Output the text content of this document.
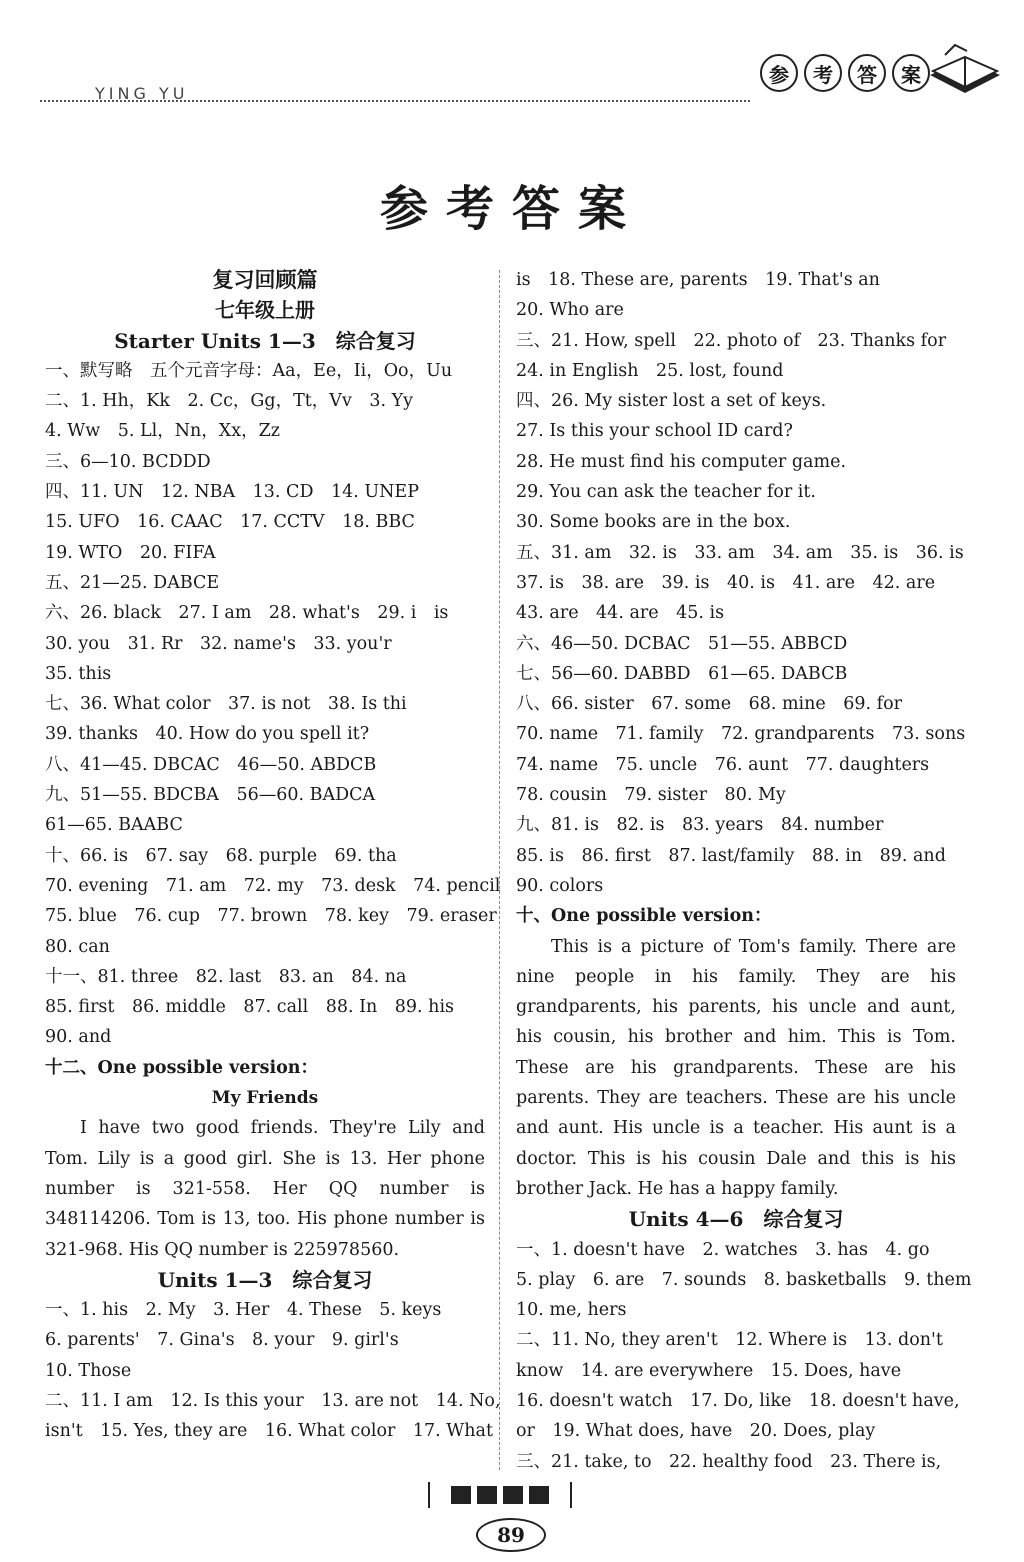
YING YU
参	考	答	案
参考答案
复习回顾篇
七年级上册
Starter Units 1—3　综合复习
一、默写略　五个元音字母：Aa，Ee，Ii，Oo，Uu
二、1. Hh，Kk　2. Cc，Gg，Tt，Vv　3. Yy
4. Ww　5. Ll，Nn，Xx，Zz
三、6—10. BCDDD
四、11. UN　12. NBA　13. CD　14. UNEP
15. UFO　16. CAAC　17. CCTV　18. BBC
19. WTO　20. FIFA
五、21—25. DABCE
六、26. black　27. I am　28. what's　29. i　is
30. you　31. Rr　32. name's　33. you'r
35. this
七、36. What color　37. is not　38. Is thi
39. thanks　40. How do you spell it?
八、41—45. DBCAC　46—50. ABDCB
九、51—55. BDCBA　56—60. BADCA
61—65. BAABC
十、66. is　67. say　68. purple　69. tha
70. evening　71. am　72. my　73. desk　74. pencil
75. blue　76. cup　77. brown　78. key　79. eraser
80. can
十一、81. three　82. last　83. an　84. na
85. first　86. middle　87. call　88. In　89. his
90. and
十二、One possible version：
My Friends
I have two good friends. They're Lily and Tom. Lily is a good girl. She is 13. Her phone number is 321-558. Her QQ number is 348114206. Tom is 13, too. His phone number is 321-968. His QQ number is 225978560.
Units 1—3　综合复习
一、1. his　2. My　3. Her　4. These　5. keys
6. parents'　7. Gina's　8. your　9. girl's
10. Those
二、11. I am　12. Is this your　13. are not　14. No,
isn't　15. Yes, they are　16. What color　17. What
is　18. These are, parents　19. That's an
20. Who are
三、21. How, spell　22. photo of　23. Thanks for
24. in English　25. lost, found
四、26. My sister lost a set of keys.
27. Is this your school ID card?
28. He must find his computer game.
29. You can ask the teacher for it.
30. Some books are in the box.
五、31. am　32. is　33. am　34. am　35. is　36. is
37. is　38. are　39. is　40. is　41. are　42. are
43. are　44. are　45. is
六、46—50. DCBAC　51—55. ABBCD
七、56—60. DABBD　61—65. DABCB
八、66. sister　67. some　68. mine　69. for
70. name　71. family　72. grandparents　73. sons
74. name　75. uncle　76. aunt　77. daughters
78. cousin　79. sister　80. My
九、81. is　82. is　83. years　84. number
85. is　86. first　87. last/family　88. in　89. and
90. colors
十、One possible version：
This is a picture of Tom's family. There are nine people in his family. They are his grandparents, his parents, his uncle and aunt, his cousin, his brother and him. This is Tom. These are his grandparents. These are his parents. They are teachers. These are his uncle and aunt. His uncle is a teacher. His aunt is a doctor. This is his cousin Dale and this is his brother Jack. He has a happy family.
Units 4—6　综合复习
一、1. doesn't have　2. watches　3. has　4. go
5. play　6. are　7. sounds　8. basketballs　9. them
10. me, hers
二、11. No, they aren't　12. Where is　13. don't
know　14. are everywhere　15. Does, have
16. doesn't watch　17. Do, like　18. doesn't have,
or　19. What does, have　20. Does, play
三、21. take, to　22. healthy food　23. There is,
89
